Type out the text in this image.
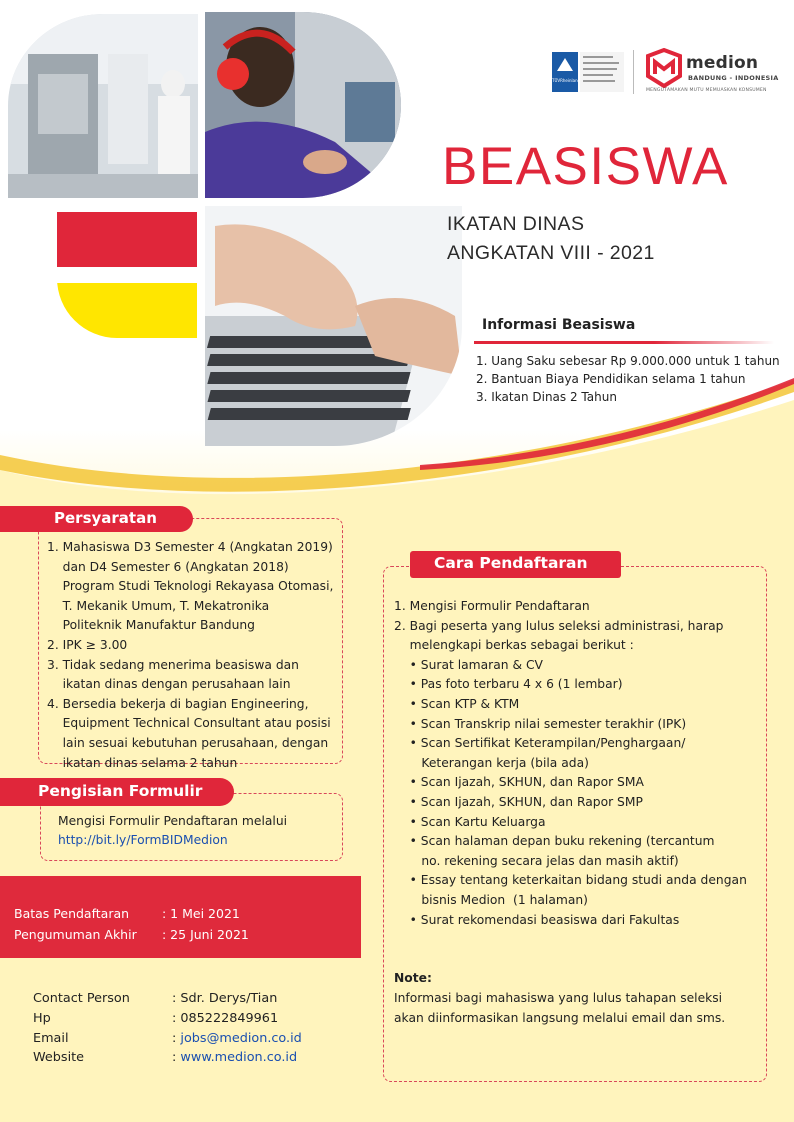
TÜVRheinland
medion
BANDUNG - INDONESIA
MENGUTAMAKAN MUTU MEMUASKAN KONSUMEN
BEASISWA
IKATAN DINAS
ANGKATAN VIII - 2021
Informasi Beasiswa
1. Uang Saku sebesar Rp 9.000.000 untuk 1 tahun
2. Bantuan Biaya Pendidikan selama 1 tahun
3. Ikatan Dinas 2 Tahun
Persyaratan
1. Mahasiswa D3 Semester 4 (Angkatan 2019)
dan D4 Semester 6 (Angkatan 2018)
Program Studi Teknologi Rekayasa Otomasi,
T. Mekanik Umum, T. Mekatronika
Politeknik Manufaktur Bandung
2. IPK ≥ 3.00
3. Tidak sedang menerima beasiswa dan
ikatan dinas dengan perusahaan lain
4. Bersedia bekerja di bagian Engineering,
Equipment Technical Consultant atau posisi
lain sesuai kebutuhan perusahaan, dengan
ikatan dinas selama 2 tahun
Pengisian Formulir
Mengisi Formulir Pendaftaran melalui
http://bit.ly/FormBIDMedion
Batas Pendaftaran	: 1 Mei 2021
Pengumuman Akhir : 25 Juni 2021
Contact Person	: Sdr. Derys/Tian
Hp	: 085222849961
Email	: jobs@medion.co.id
Website	: www.medion.co.id
Cara Pendaftaran
1. Mengisi Formulir Pendaftaran
2. Bagi peserta yang lulus seleksi administrasi, harap
melengkapi berkas sebagai berikut :
• Surat lamaran & CV
• Pas foto terbaru 4 x 6 (1 lembar)
• Scan KTP & KTM
• Scan Transkrip nilai semester terakhir (IPK)
• Scan Sertifikat Keterampilan/Penghargaan/
Keterangan kerja (bila ada)
• Scan Ijazah, SKHUN, dan Rapor SMA
• Scan Ijazah, SKHUN, dan Rapor SMP
• Scan Kartu Keluarga
• Scan halaman depan buku rekening (tercantum
no. rekening secara jelas dan masih aktif)
• Essay tentang keterkaitan bidang studi anda dengan
bisnis Medion  (1 halaman)
• Surat rekomendasi beasiswa dari Fakultas
Note:
Informasi bagi mahasiswa yang lulus tahapan seleksi
akan diinformasikan langsung melalui email dan sms.
